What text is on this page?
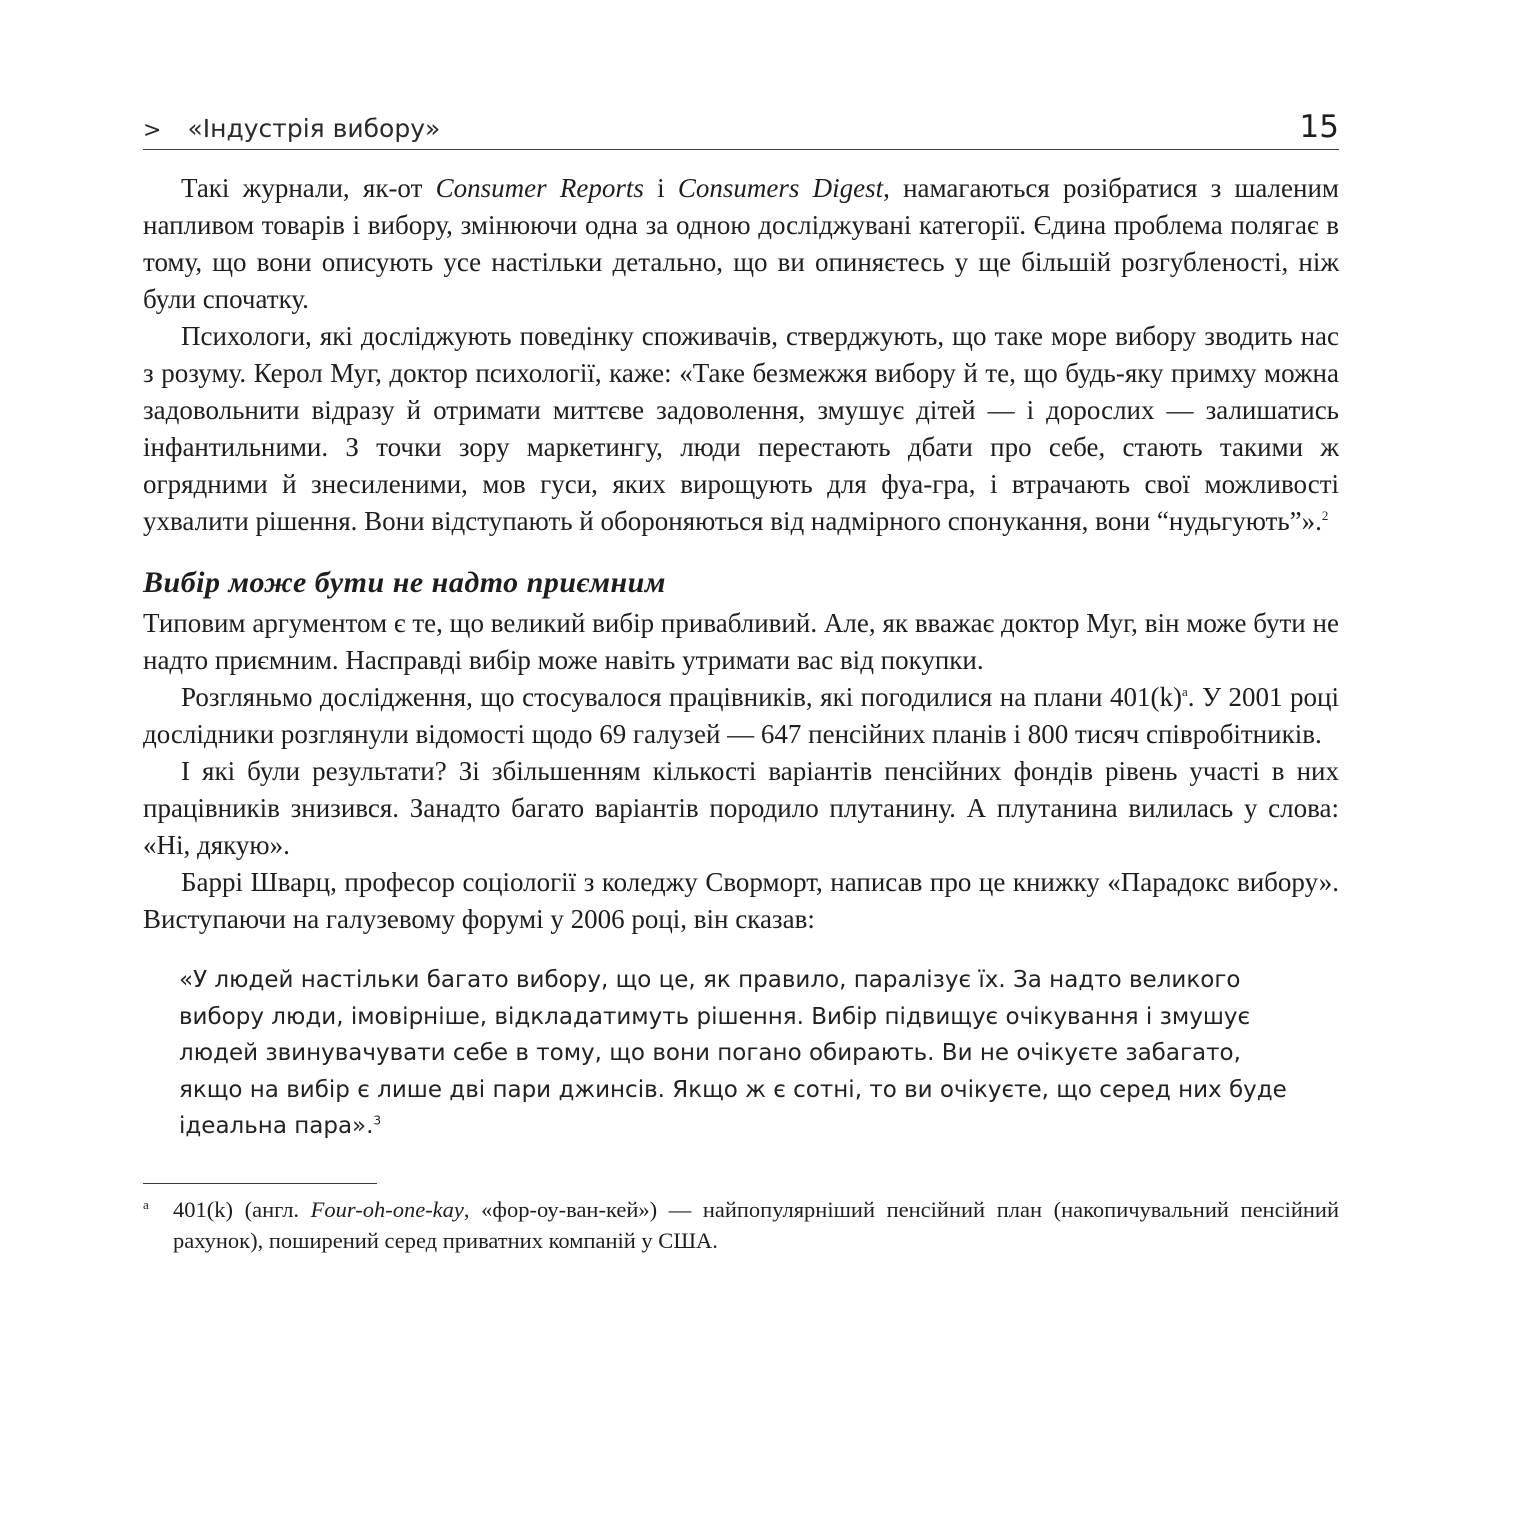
> «Індустрія вибору»	15

Такі журнали, як-от Consumer Reports і Consumers Digest, намагаються розібратися з шаленим напливом товарів і вибору, змінюючи одна за одною досліджувані категорії. Єдина проблема полягає в тому, що вони описують усе настільки детально, що ви опиняєтесь у ще більшій розгубленості, ніж були спочатку.

Психологи, які досліджують поведінку споживачів, стверджують, що таке море вибору зводить нас з розуму. Керол Муг, доктор психології, каже: «Таке безмежжя вибору й те, що будь-яку примху можна задовольнити відразу й отримати миттєве задоволення, змушує дітей — і дорослих — залишатись інфантильними. З точки зору маркетингу, люди перестають дбати про себе, стають такими ж огрядними й знесиленими, мов гуси, яких вирощують для фуа-гра, і втрачають свої можливості ухвалити рішення. Вони відступають й обороняються від надмірного спонукання, вони “нудьгують”».$^2$

Вибір може бути не надто приємним

Типовим аргументом є те, що великий вибір привабливий. Але, як вважає доктор Муг, він може бути не надто приємним. Насправді вибір може навіть утримати вас від покупки.

Розгляньмо дослідження, що стосувалося працівників, які погодилися на плани $401(k)^а$. У 2001 році дослідники розглянули відомості щодо 69 галузей — 647 пенсійних планів і 800 тисяч співробітників.

І які були результати? Зі збільшенням кількості варіантів пенсійних фондів рівень участі в них працівників знизився. Занадто багато варіантів породило плутанину. А плутанина вилилась у слова: «Ні, дякую».

Баррі Шварц, професор соціології з коледжу Сворморт, написав про це книжку «Парадокс вибору». Виступаючи на галузевому форумі у 2006 році, він сказав:

«У людей настільки багато вибору, що це, як правило, паралізує їх. За надто великого вибору люди, імовірніше, відкладатимуть рішення. Вибір підвищує очікування і змушує людей звинувачувати себе в тому, що вони погано обирають. Ви не очікуєте забагато, якщо на вибір є лише дві пари джинсів. Якщо ж є сотні, то ви очікуєте, що серед них буде ідеальна пара».$^3$
а	401(k) (англ. Four-oh-one-kay, «фор-оу-ван-кей») — найпопулярніший пенсійний план (накопичувальний пенсійний рахунок), поширений серед приватних компаній у США.
